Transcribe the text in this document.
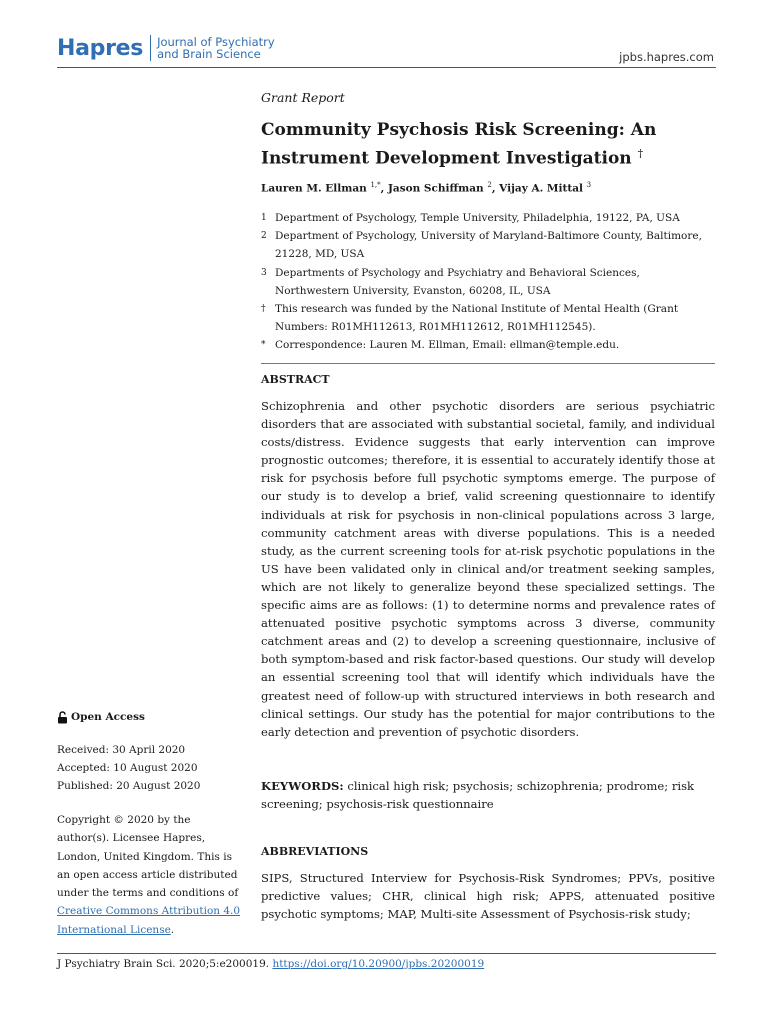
Hapres Journal of Psychiatry
and Brain Science	jpbs.hapres.com
Grant Report
Community Psychosis Risk Screening: An
Instrument Development Investigation †
Lauren M. Ellman $^{1,*}$, Jason Schiffman $^2$, Vijay A. Mittal $^3$
1 Department of Psychology, Temple University, Philadelphia, 19122, PA, USA
2 Department of Psychology, University of Maryland-Baltimore County, Baltimore, 21228, MD, USA
3 Departments of Psychology and Psychiatry and Behavioral Sciences, Northwestern University, Evanston, 60208, IL, USA
† This research was funded by the National Institute of Mental Health (Grant Numbers: R01MH112613, R01MH112612, R01MH112545).
* Correspondence: Lauren M. Ellman, Email: ellman@temple.edu.
ABSTRACT
Schizophrenia and other psychotic disorders are serious psychiatric disorders that are associated with substantial societal, family, and individual costs/distress. Evidence suggests that early intervention can improve prognostic outcomes; therefore, it is essential to accurately identify those at risk for psychosis before full psychotic symptoms emerge. The purpose of our study is to develop a brief, valid screening questionnaire to identify individuals at risk for psychosis in non-clinical populations across 3 large, community catchment areas with diverse populations. This is a needed study, as the current screening tools for at-risk psychotic populations in the US have been validated only in clinical and/or treatment seeking samples, which are not likely to generalize beyond these specialized settings. The specific aims are as follows: (1) to determine norms and prevalence rates of attenuated positive psychotic symptoms across 3 diverse, community catchment areas and (2) to develop a screening questionnaire, inclusive of both symptom-based and risk factor-based questions. Our study will develop an essential screening tool that will identify which individuals have the greatest need of follow-up with structured interviews in both research and clinical settings. Our study has the potential for major contributions to the early detection and prevention of psychotic disorders.
KEYWORDS: clinical high risk; psychosis; schizophrenia; prodrome; risk screening; psychosis-risk questionnaire
ABBREVIATIONS
SIPS, Structured Interview for Psychosis-Risk Syndromes; PPVs, positive predictive values; CHR, clinical high risk; APPS, attenuated positive psychotic symptoms; MAP, Multi-site Assessment of Psychosis-risk study;
Open Access
Received: 30 April 2020
Accepted: 10 August 2020
Published: 20 August 2020
Copyright © 2020 by the author(s). Licensee Hapres, London, United Kingdom. This is an open access article distributed under the terms and conditions of Creative Commons Attribution 4.0 International License.
J Psychiatry Brain Sci. 2020;5:e200019. https://doi.org/10.20900/jpbs.20200019
